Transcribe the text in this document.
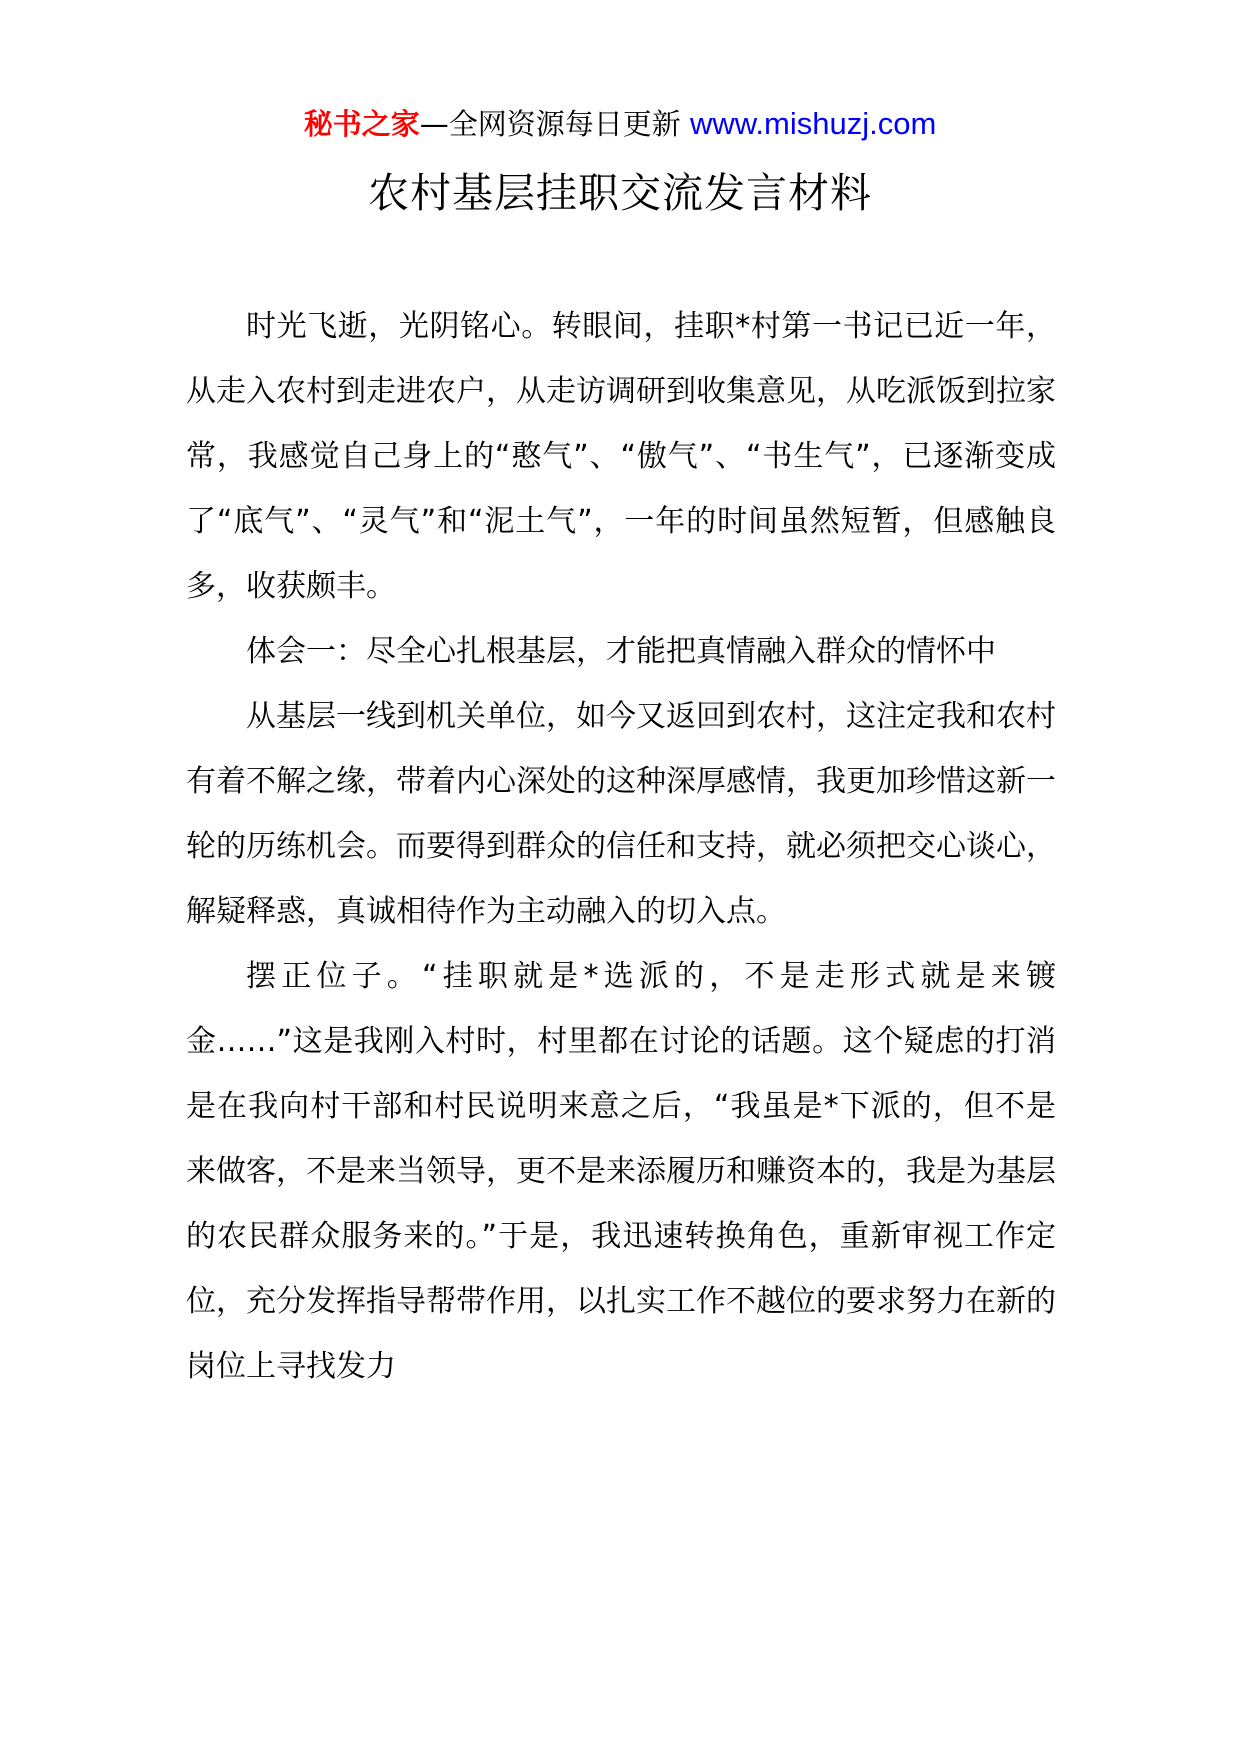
秘书之家—全网资源每日更新 www.mishuzj.com
农村基层挂职交流发言材料

时光飞逝，光阴铭心。转眼间，挂职*村第一书记已近一年，从走入农村到走进农户，从走访调研到收集意见，从吃派饭到拉家常，我感觉自己身上的“憨气”、“傲气”、“书生气”，已逐渐变成了“底气”、“灵气”和“泥土气”，一年的时间虽然短暂，但感触良多，收获颇丰。

体会一：尽全心扎根基层，才能把真情融入群众的情怀中

从基层一线到机关单位，如今又返回到农村，这注定我和农村有着不解之缘，带着内心深处的这种深厚感情，我更加珍惜这新一轮的历练机会。而要得到群众的信任和支持，就必须把交心谈心，解疑释惑，真诚相待作为主动融入的切入点。

摆正位子。“挂职就是*选派的，不是走形式就是来镀金……”这是我刚入村时，村里都在讨论的话题。这个疑虑的打消是在我向村干部和村民说明来意之后，“我虽是*下派的，但不是来做客，不是来当领导，更不是来添履历和赚资本的，我是为基层的农民群众服务来的。”于是，我迅速转换角色，重新审视工作定位，充分发挥指导帮带作用，以扎实工作不越位的要求努力在新的岗位上寻找发力
